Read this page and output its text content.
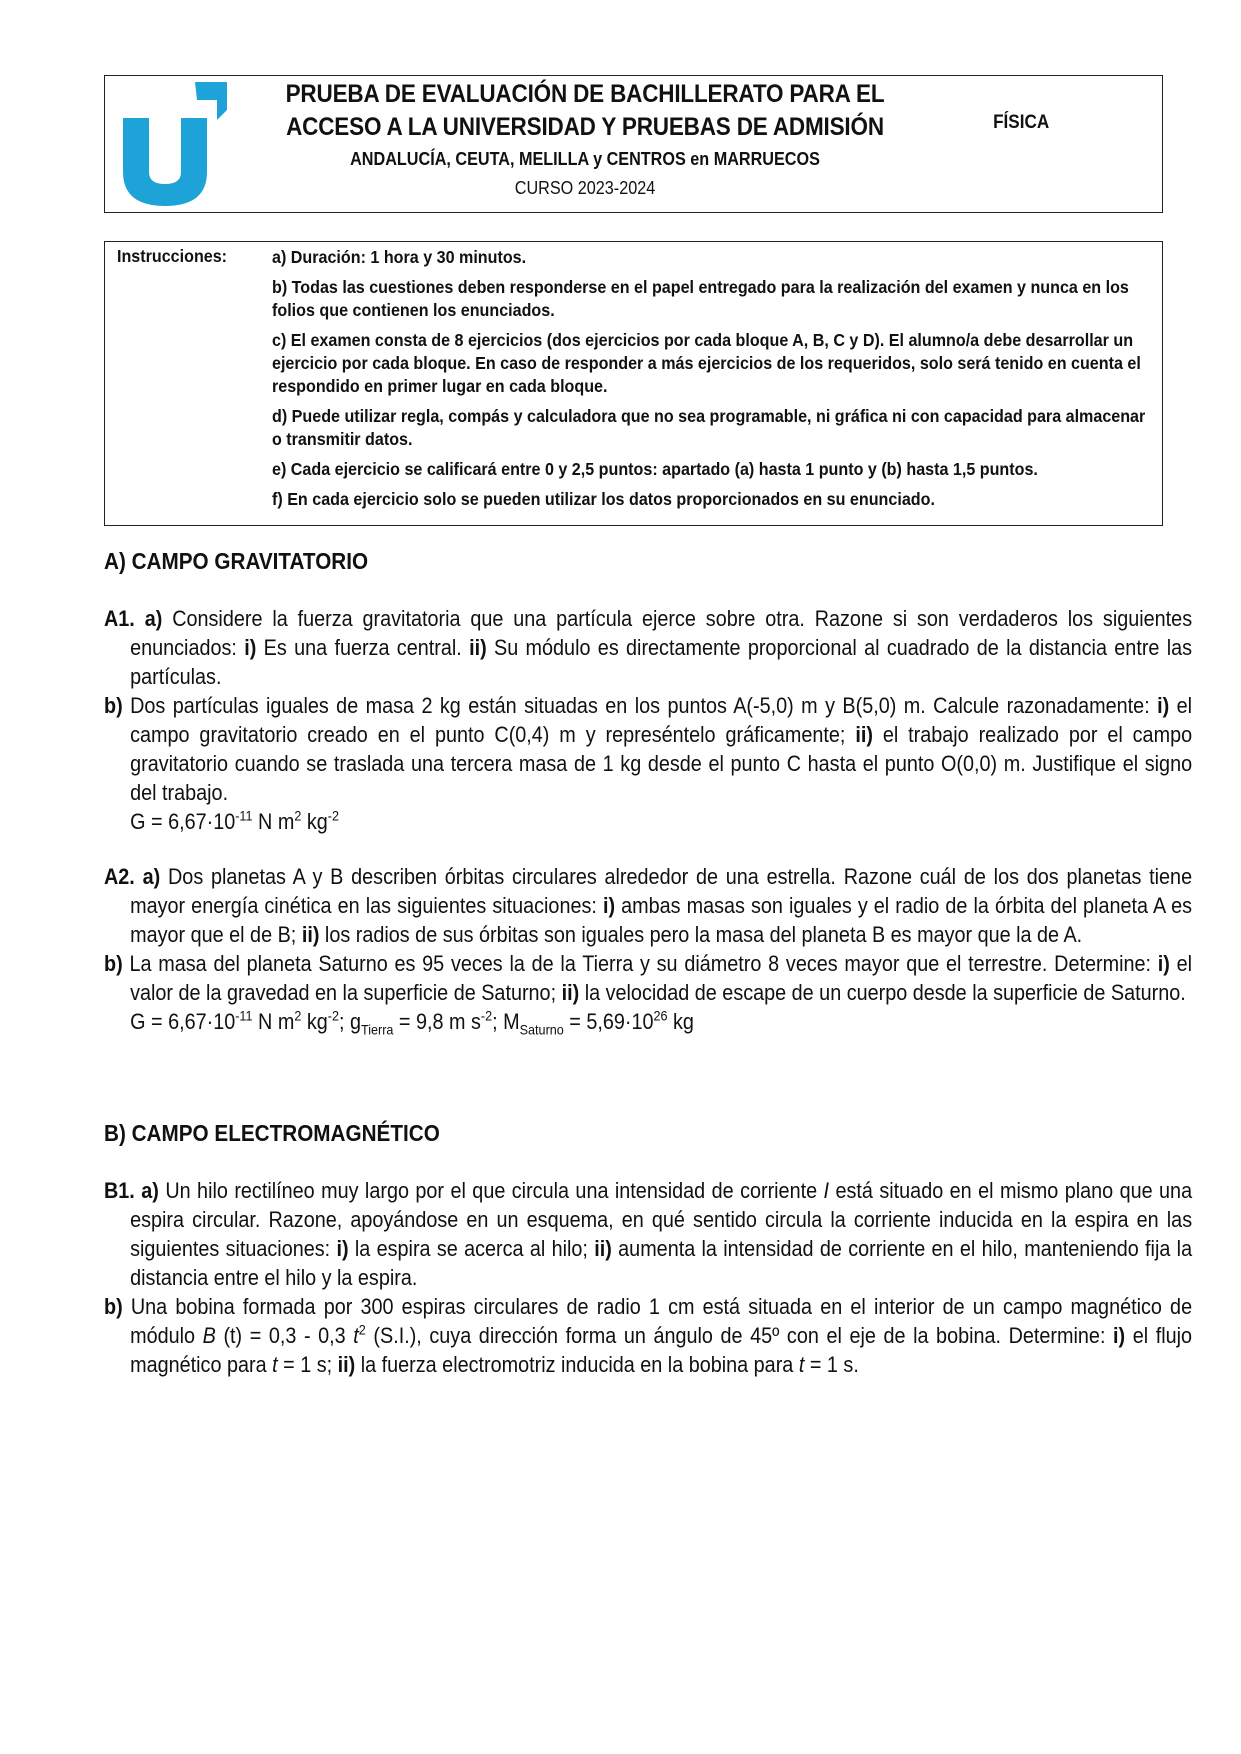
PRUEBA DE EVALUACIÓN DE BACHILLERATO PARA EL
ACCESO A LA UNIVERSIDAD Y PRUEBAS DE ADMISIÓN
ANDALUCÍA, CEUTA, MELILLA y CENTROS en MARRUECOS
CURSO 2023-2024
FÍSICA
Instrucciones:	a) Duración: 1 hora y 30 minutos.
b) Todas las cuestiones deben responderse en el papel entregado para la realización del examen y nunca en los folios que contienen los enunciados.
c) El examen consta de 8 ejercicios (dos ejercicios por cada bloque A, B, C y D). El alumno/a debe desarrollar un ejercicio por cada bloque. En caso de responder a más ejercicios de los requeridos, solo será tenido en cuenta el respondido en primer lugar en cada bloque.
d) Puede utilizar regla, compás y calculadora que no sea programable, ni gráfica ni con capacidad para almacenar o transmitir datos.
e) Cada ejercicio se calificará entre 0 y 2,5 puntos: apartado (a) hasta 1 punto y (b) hasta 1,5 puntos.
f) En cada ejercicio solo se pueden utilizar los datos proporcionados en su enunciado.
A) CAMPO GRAVITATORIO
A1. a) Considere la fuerza gravitatoria que una partícula ejerce sobre otra. Razone si son verdaderos los siguientes enunciados: i) Es una fuerza central. ii) Su módulo es directamente proporcional al cuadrado de la distancia entre las partículas.
b) Dos partículas iguales de masa 2 kg están situadas en los puntos A(-5,0) m y B(5,0) m. Calcule razonadamente: i) el campo gravitatorio creado en el punto C(0,4) m y represéntelo gráficamente; ii) el trabajo realizado por el campo gravitatorio cuando se traslada una tercera masa de 1 kg desde el punto C hasta el punto O(0,0) m. Justifique el signo del trabajo.
$G = 6,67\cdot 10^{-11}$ N $m^2$ $kg^{-2}$
A2. a) Dos planetas A y B describen órbitas circulares alrededor de una estrella. Razone cuál de los dos planetas tiene mayor energía cinética en las siguientes situaciones: i) ambas masas son iguales y el radio de la órbita del planeta A es mayor que el de B; ii) los radios de sus órbitas son iguales pero la masa del planeta B es mayor que la de A.
b) La masa del planeta Saturno es 95 veces la de la Tierra y su diámetro 8 veces mayor que el terrestre. Determine: i) el valor de la gravedad en la superficie de Saturno; ii) la velocidad de escape de un cuerpo desde la superficie de Saturno.
$G = 6,67\cdot 10^{-11}$ N $m^2$ $kg^{-2}$; $g_{Tierra} = 9,8$ m $s^{-2}$; $M_{Saturno} = 5,69\cdot 10^{26}$ kg
B) CAMPO ELECTROMAGNÉTICO
B1. a) Un hilo rectilíneo muy largo por el que circula una intensidad de corriente I está situado en el mismo plano que una espira circular. Razone, apoyándose en un esquema, en qué sentido circula la corriente inducida en la espira en las siguientes situaciones: i) la espira se acerca al hilo; ii) aumenta la intensidad de corriente en el hilo, manteniendo fija la distancia entre el hilo y la espira.
b) Una bobina formada por 300 espiras circulares de radio 1 cm está situada en el interior de un campo magnético de módulo B (t) = 0,3 - 0,3 $t^2$ (S.I.), cuya dirección forma un ángulo de 45º con el eje de la bobina. Determine: i) el flujo magnético para t = 1 s; ii) la fuerza electromotriz inducida en la bobina para t = 1 s.
